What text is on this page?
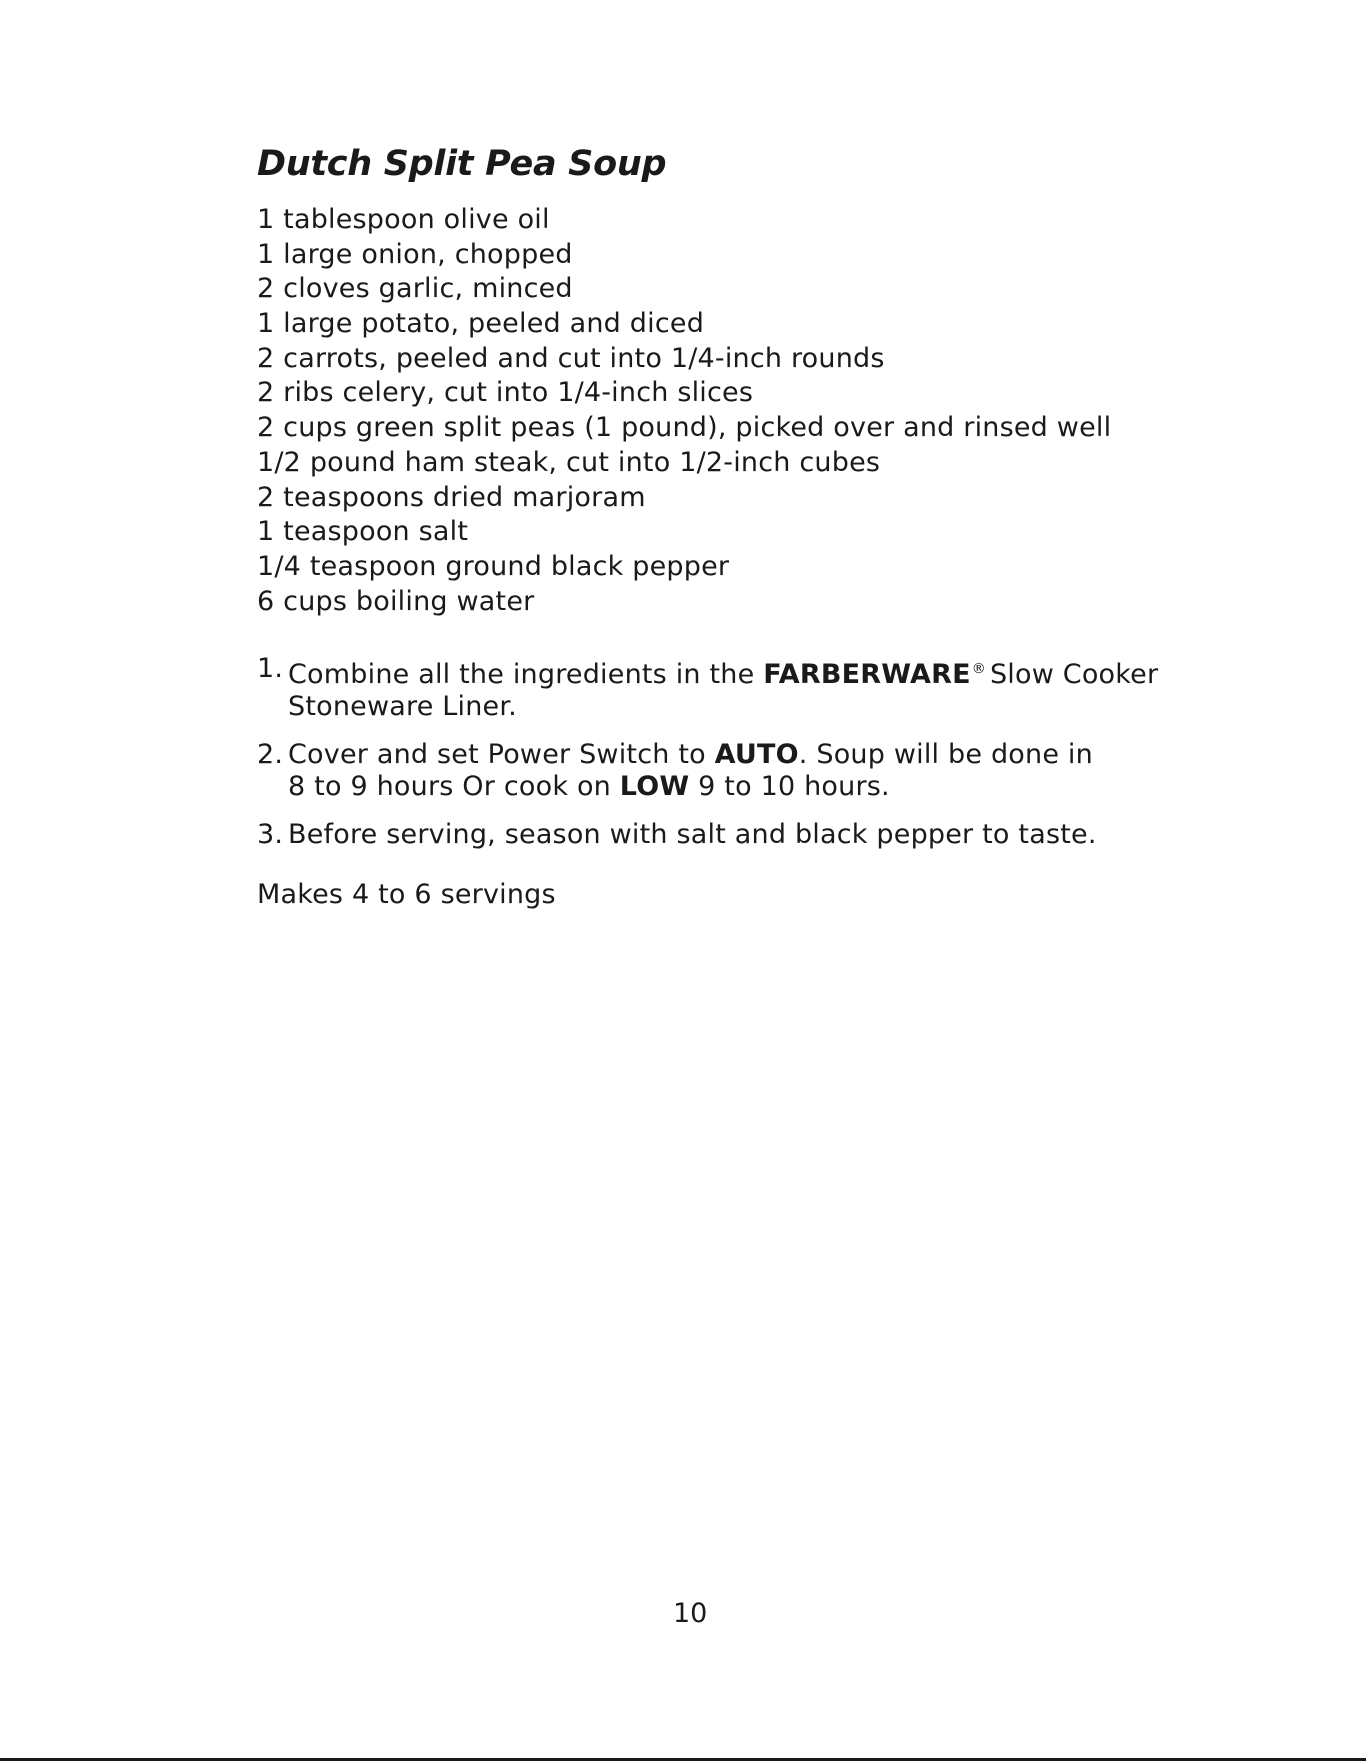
Dutch Split Pea Soup
1 tablespoon olive oil
1 large onion, chopped
2 cloves garlic, minced
1 large potato, peeled and diced
2 carrots, peeled and cut into 1/4-inch rounds
2 ribs celery, cut into 1/4-inch slices
2 cups green split peas (1 pound), picked over and rinsed well
1/2 pound ham steak, cut into 1/2-inch cubes
2 teaspoons dried marjoram
1 teaspoon salt
1/4 teaspoon ground black pepper
6 cups boiling water
1. Combine all the ingredients in the FARBERWARE® Slow Cooker
Stoneware Liner.
2. Cover and set Power Switch to AUTO. Soup will be done in
8 to 9 hours Or cook on LOW 9 to 10 hours.
3. Before serving, season with salt and black pepper to taste.

Makes 4 to 6 servings

10
